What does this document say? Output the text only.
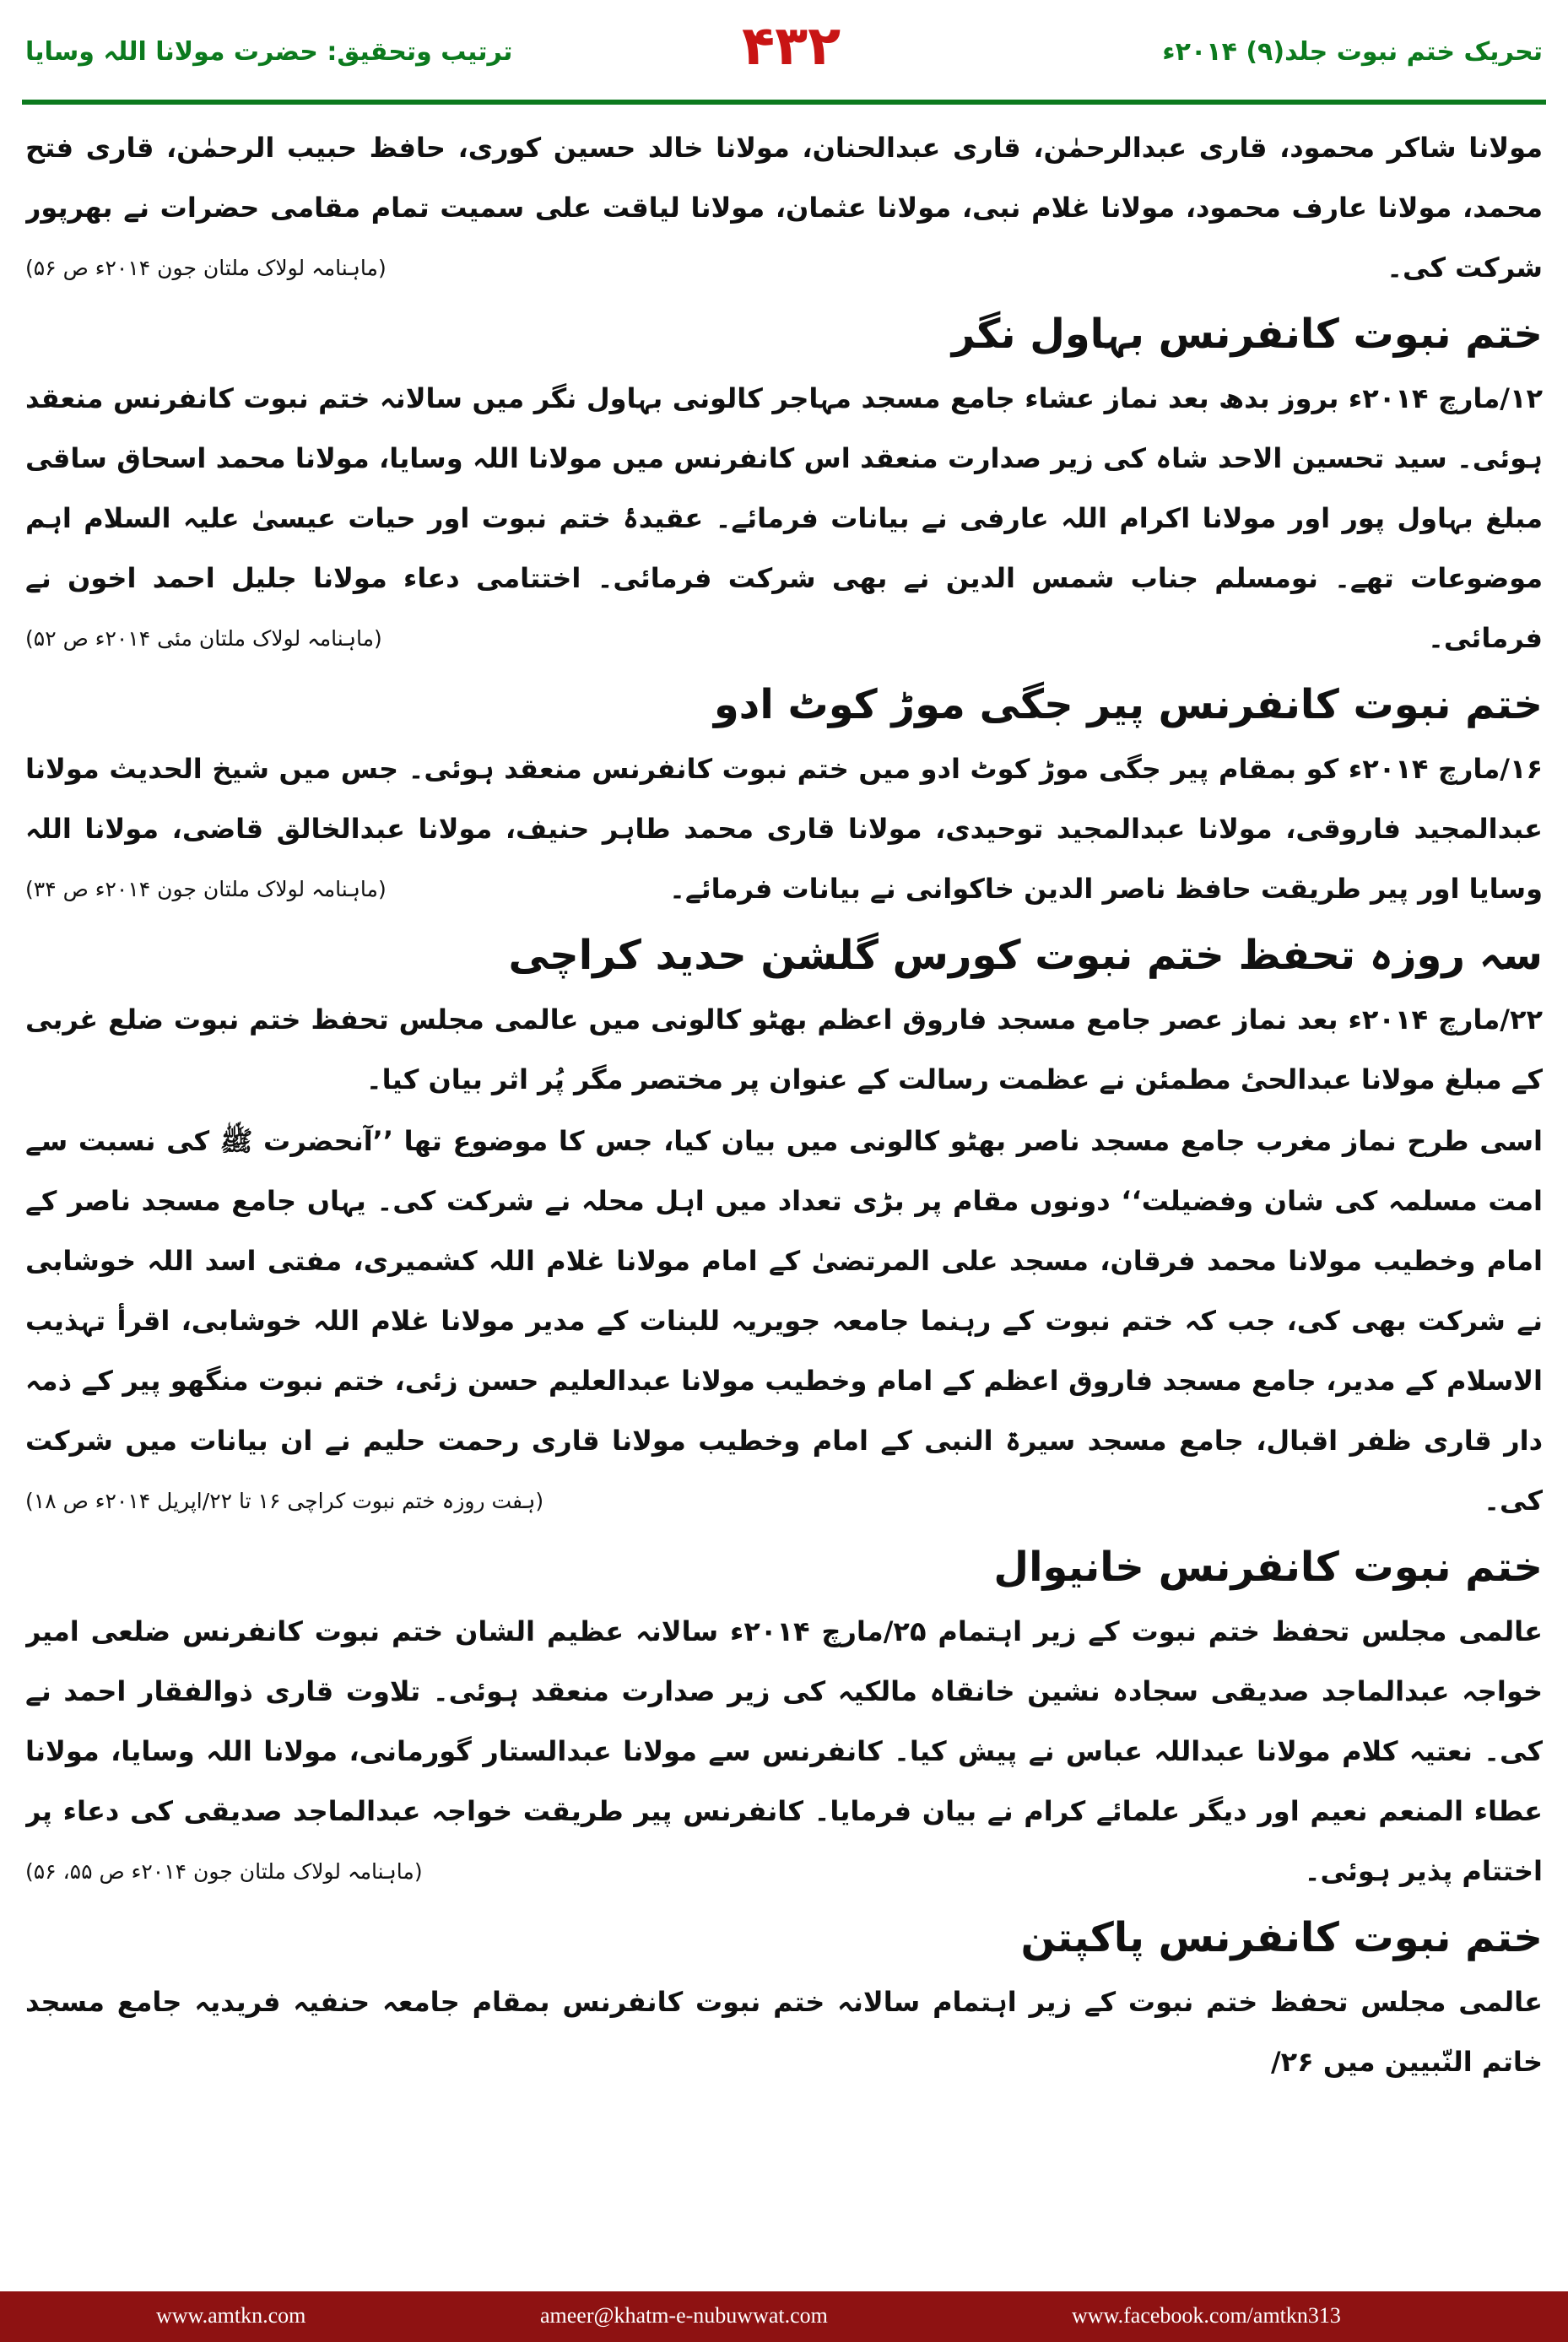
تحریک ختم نبوت جلد(۹) ۲۰۱۴ء
۴۳۲
ترتیب وتحقیق: حضرت مولانا اللہ وسایا

مولانا شاکر محمود، قاری عبدالرحمٰن، قاری عبدالحنان، مولانا خالد حسین کوری، حافظ حبیب الرحمٰن، قاری فتح محمد، مولانا عارف محمود، مولانا غلام نبی، مولانا عثمان، مولانا لیاقت علی سمیت تمام مقامی حضرات نے بھرپور شرکت کی۔
(ماہنامہ لولاک ملتان جون ۲۰۱۴ء ص ۵۶)

ختم نبوت کانفرنس بہاول نگر

۱۲/مارچ ۲۰۱۴ء بروز بدھ بعد نماز عشاء جامع مسجد مہاجر کالونی بہاول نگر میں سالانہ ختم نبوت کانفرنس منعقد ہوئی۔ سید تحسین الاحد شاہ کی زیر صدارت منعقد اس کانفرنس میں مولانا اللہ وسایا، مولانا محمد اسحاق ساقی مبلغ بہاول پور اور مولانا اکرام اللہ عارفی نے بیانات فرمائے۔ عقیدۂ ختم نبوت اور حیات عیسیٰ علیہ السلام اہم موضوعات تھے۔ نومسلم جناب شمس الدین نے بھی شرکت فرمائی۔ اختتامی دعاء مولانا جلیل احمد اخون نے فرمائی۔
(ماہنامہ لولاک ملتان مئی ۲۰۱۴ء ص ۵۲)

ختم نبوت کانفرنس پیر جگی موڑ کوٹ ادو

۱۶/مارچ ۲۰۱۴ء کو بمقام پیر جگی موڑ کوٹ ادو میں ختم نبوت کانفرنس منعقد ہوئی۔ جس میں شیخ الحدیث مولانا عبدالمجید فاروقی، مولانا عبدالمجید توحیدی، مولانا قاری محمد طاہر حنیف، مولانا عبدالخالق قاضی، مولانا اللہ وسایا اور پیر طریقت حافظ ناصر الدین خاکوانی نے بیانات فرمائے۔
(ماہنامہ لولاک ملتان جون ۲۰۱۴ء ص ۳۴)

سہ روزہ تحفظ ختم نبوت کورس گلشن حدید کراچی

۲۲/مارچ ۲۰۱۴ء بعد نماز عصر جامع مسجد فاروق اعظم بھٹو کالونی میں عالمی مجلس تحفظ ختم نبوت ضلع غربی کے مبلغ مولانا عبدالحیٔ مطمئن نے عظمت رسالت کے عنوان پر مختصر مگر پُر اثر بیان کیا۔

اسی طرح نماز مغرب جامع مسجد ناصر بھٹو کالونی میں بیان کیا، جس کا موضوع تھا ’’آنحضرت ﷺ کی نسبت سے امت مسلمہ کی شان وفضیلت‘‘ دونوں مقام پر بڑی تعداد میں اہل محلہ نے شرکت کی۔ یہاں جامع مسجد ناصر کے امام وخطیب مولانا محمد فرقان، مسجد علی المرتضیٰ کے امام مولانا غلام اللہ کشمیری، مفتی اسد اللہ خوشابی نے شرکت بھی کی، جب کہ ختم نبوت کے رہنما جامعہ جویریہ للبنات کے مدیر مولانا غلام اللہ خوشابی، اقرأ تہذیب الاسلام کے مدیر، جامع مسجد فاروق اعظم کے امام وخطیب مولانا عبدالعلیم حسن زئی، ختم نبوت منگھو پیر کے ذمہ دار قاری ظفر اقبال، جامع مسجد سیرۃ النبی کے امام وخطیب مولانا قاری رحمت حلیم نے ان بیانات میں شرکت کی۔
(ہفت روزہ ختم نبوت کراچی ۱۶ تا ۲۲/اپریل ۲۰۱۴ء ص ۱۸)

ختم نبوت کانفرنس خانیوال

عالمی مجلس تحفظ ختم نبوت کے زیر اہتمام ۲۵/مارچ ۲۰۱۴ء سالانہ عظیم الشان ختم نبوت کانفرنس ضلعی امیر خواجہ عبدالماجد صدیقی سجادہ نشین خانقاہ مالکیہ کی زیر صدارت منعقد ہوئی۔ تلاوت قاری ذوالفقار احمد نے کی۔ نعتیہ کلام مولانا عبداللہ عباس نے پیش کیا۔ کانفرنس سے مولانا عبدالستار گورمانی، مولانا اللہ وسایا، مولانا عطاء المنعم نعیم اور دیگر علمائے کرام نے بیان فرمایا۔ کانفرنس پیر طریقت خواجہ عبدالماجد صدیقی کی دعاء پر اختتام پذیر ہوئی۔
(ماہنامہ لولاک ملتان جون ۲۰۱۴ء ص ۵۵، ۵۶)

ختم نبوت کانفرنس پاکپتن

عالمی مجلس تحفظ ختم نبوت کے زیر اہتمام سالانہ ختم نبوت کانفرنس بمقام جامعہ حنفیہ فریدیہ جامع مسجد خاتم النّبیین میں ۲۶/

www.amtkn.com	ameer@khatm-e-nubuwwat.com	www.facebook.com/amtkn313
